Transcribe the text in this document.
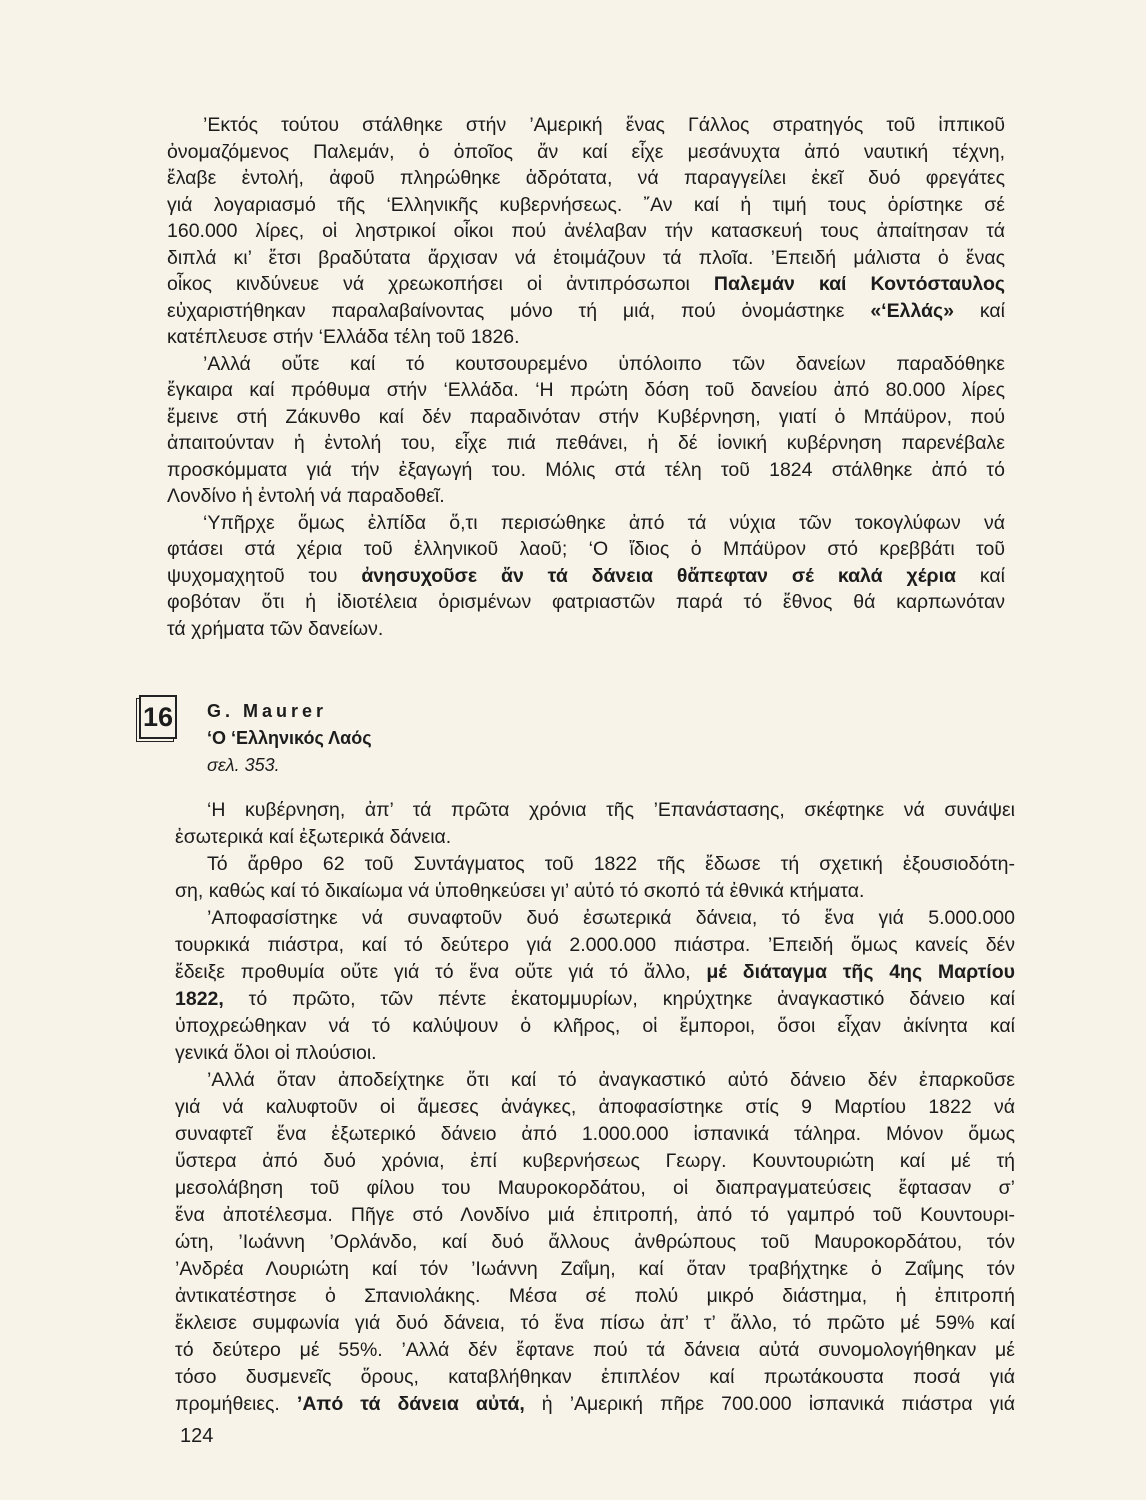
’Εκτός τούτου στάλθηκε στήν ’Αμερική ἕνας Γάλλος στρατηγός τοῦ ἱππικοῦ
ὀνομαζόμενος Παλεμάν, ὁ ὁποῖος ἄν καί εἶχε μεσάνυχτα ἀπό ναυτική τέχνη,
ἔλαβε ἐντολή, ἀφοῦ πληρώθηκε ἁδρότατα, νά παραγγείλει ἐκεῖ δυό φρεγάτες
γιά λογαριασμό τῆς ‘Ελληνικῆς κυβερνήσεως. ῎Αν καί ἡ τιμή τους ὁρίστηκε σέ
160.000 λίρες, οἱ ληστρικοί οἶκοι πού ἀνέλαβαν τήν κατασκευή τους ἀπαίτησαν τά
διπλά κι’ ἔτσι βραδύτατα ἄρχισαν νά ἑτοιμάζουν τά πλοῖα. ’Επειδή μάλιστα ὁ ἕνας
οἶκος κινδύνευε νά χρεωκοπήσει οἱ ἀντιπρόσωποι Παλεμάν καί Κοντόσταυλος
εὐχαριστήθηκαν παραλαβαίνοντας μόνο τή μιά, πού ὀνομάστηκε «‘Ελλάς» καί
κατέπλευσε στήν ‘Ελλάδα τέλη τοῦ 1826.
’Αλλά οὔτε καί τό κουτσουρεμένο ὑπόλοιπο τῶν δανείων παραδόθηκε
ἔγκαιρα καί πρόθυμα στήν ‘Ελλάδα. ‘Η πρώτη δόση τοῦ δανείου ἀπό 80.000 λίρες
ἔμεινε στή Ζάκυνθο καί δέν παραδινόταν στήν Κυβέρνηση, γιατί ὁ Μπάϋρον, πού
ἀπαιτούνταν ἡ ἐντολή του, εἶχε πιά πεθάνει, ἡ δέ ἰονική κυβέρνηση παρενέβαλε
προσκόμματα γιά τήν ἐξαγωγή του. Μόλις στά τέλη τοῦ 1824 στάλθηκε ἀπό τό
Λονδίνο ἡ ἐντολή νά παραδοθεῖ.
‘Υπῆρχε ὅμως ἐλπίδα ὅ,τι περισώθηκε ἀπό τά νύχια τῶν τοκογλύφων νά
φτάσει στά χέρια τοῦ ἑλληνικοῦ λαοῦ; ‘Ο ἴδιος ὁ Μπάϋρον στό κρεββάτι τοῦ
ψυχομαχητοῦ του ἀνησυχοῦσε ἄν τά δάνεια θἄπεφταν σέ καλά χέρια καί
φοβόταν ὅτι ἡ ἰδιοτέλεια ὁρισμένων φατριαστῶν παρά τό ἔθνος θά καρπωνόταν
τά χρήματα τῶν δανείων.
16 G. Maurer
‘Ο ‘Ελληνικός Λαός
σελ. 353.
‘Η κυβέρνηση, ἀπ’ τά πρῶτα χρόνια τῆς ’Επανάστασης, σκέφτηκε νά συνάψει
ἐσωτερικά καί ἐξωτερικά δάνεια.
Τό ἄρθρο 62 τοῦ Συντάγματος τοῦ 1822 τῆς ἔδωσε τή σχετική ἐξουσιοδότη-
ση, καθώς καί τό δικαίωμα νά ὑποθηκεύσει γι’ αὐτό τό σκοπό τά ἐθνικά κτήματα.
’Αποφασίστηκε νά συναφτοῦν δυό ἐσωτερικά δάνεια, τό ἕνα γιά 5.000.000
τουρκικά πιάστρα, καί τό δεύτερο γιά 2.000.000 πιάστρα. ’Επειδή ὅμως κανείς δέν
ἔδειξε προθυμία οὔτε γιά τό ἕνα οὔτε γιά τό ἄλλο, μέ διάταγμα τῆς 4ης Μαρτίου
1822, τό πρῶτο, τῶν πέντε ἑκατομμυρίων, κηρύχτηκε ἀναγκαστικό δάνειο καί
ὑποχρεώθηκαν νά τό καλύψουν ὁ κλῆρος, οἱ ἔμποροι, ὅσοι εἶχαν ἀκίνητα καί
γενικά ὅλοι οἱ πλούσιοι.
’Αλλά ὅταν ἀποδείχτηκε ὅτι καί τό ἀναγκαστικό αὐτό δάνειο δέν ἐπαρκοῦσε
γιά νά καλυφτοῦν οἱ ἄμεσες ἀνάγκες, ἀποφασίστηκε στίς 9 Μαρτίου 1822 νά
συναφτεῖ ἕνα ἐξωτερικό δάνειο ἀπό 1.000.000 ἰσπανικά τάληρα. Μόνον ὅμως
ὕστερα ἀπό δυό χρόνια, ἐπί κυβερνήσεως Γεωργ. Κουντουριώτη καί μέ τή
μεσολάβηση τοῦ φίλου του Μαυροκορδάτου, οἱ διαπραγματεύσεις ἔφτασαν σ’
ἕνα ἀποτέλεσμα. Πῆγε στό Λονδίνο μιά ἐπιτροπή, ἀπό τό γαμπρό τοῦ Κουντουρι-
ώτη, ’Ιωάννη ’Ορλάνδο, καί δυό ἄλλους ἀνθρώπους τοῦ Μαυροκορδάτου, τόν
’Ανδρέα Λουριώτη καί τόν ’Ιωάννη Ζαΐμη, καί ὅταν τραβήχτηκε ὁ Ζαΐμης τόν
ἀντικατέστησε ὁ Σπανιολάκης. Μέσα σέ πολύ μικρό διάστημα, ἡ ἐπιτροπή
ἔκλεισε συμφωνία γιά δυό δάνεια, τό ἕνα πίσω ἀπ’ τ’ ἄλλο, τό πρῶτο μέ 59% καί
τό δεύτερο μέ 55%. ’Αλλά δέν ἔφτανε πού τά δάνεια αὐτά συνομολογήθηκαν μέ
τόσο δυσμενεῖς ὅρους, καταβλήθηκαν ἐπιπλέον καί πρωτάκουστα ποσά γιά
προμήθειες. ’Από τά δάνεια αὐτά, ἡ ’Αμερική πῆρε 700.000 ἰσπανικά πιάστρα γιά
124
